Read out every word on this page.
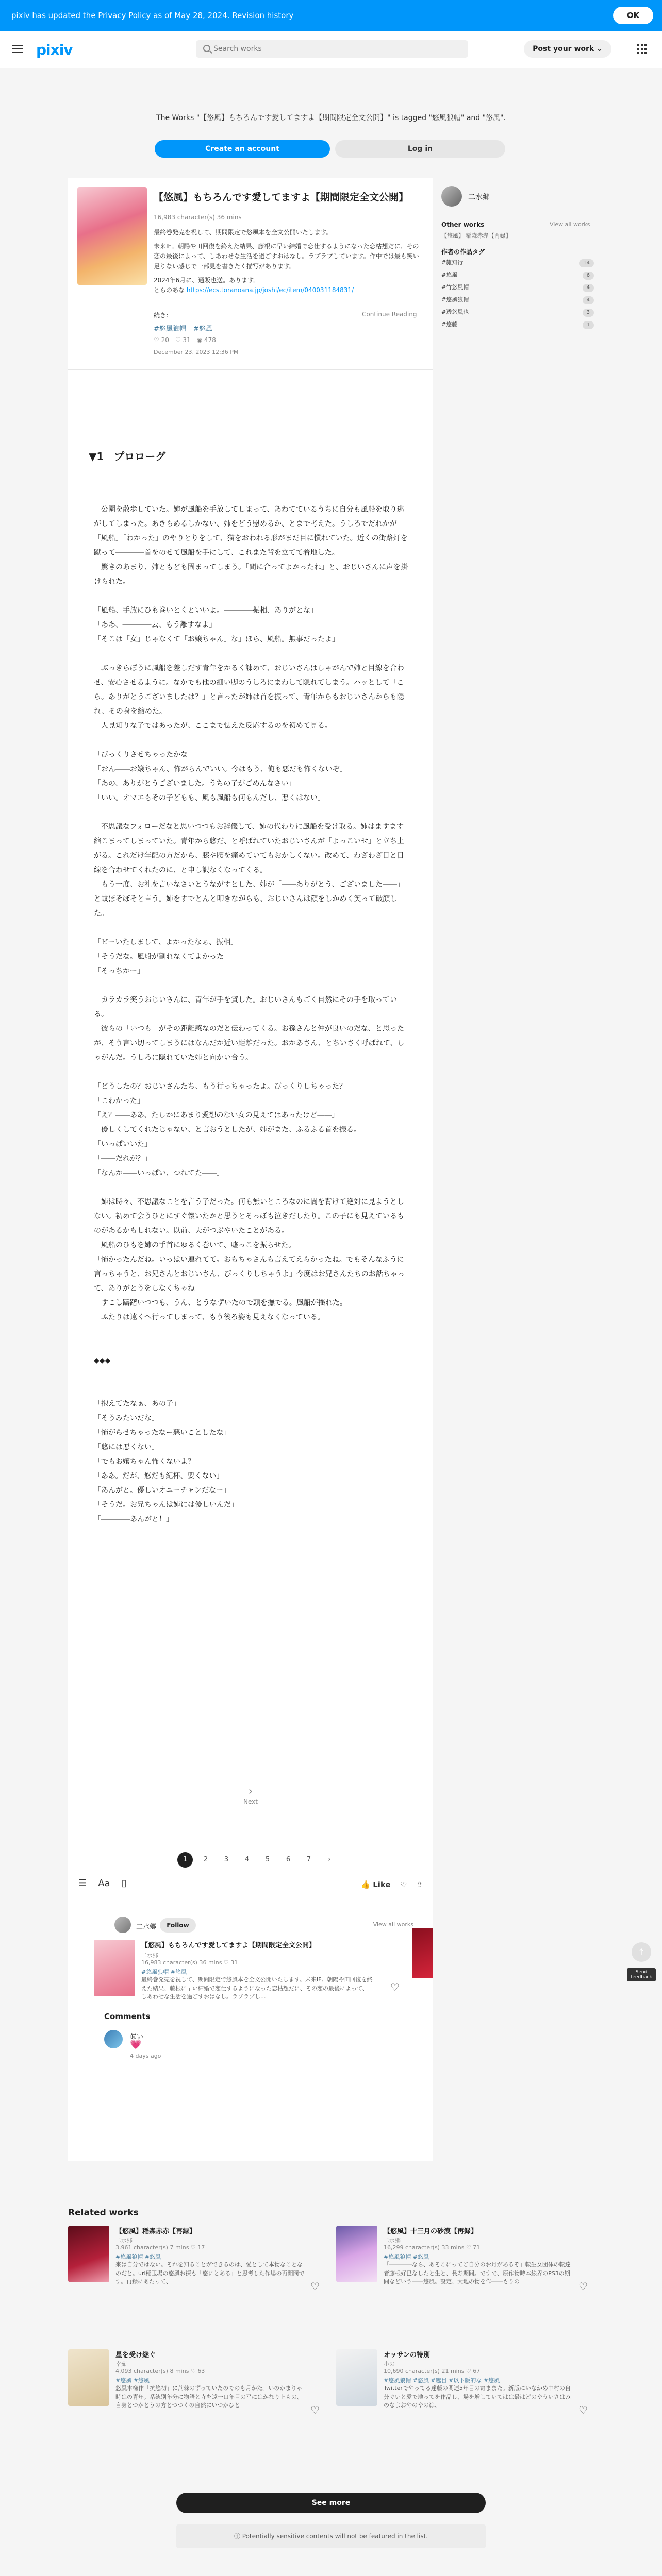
pixiv has updated the Privacy Policy as of May 28, 2024. Revision history	OK
pixiv
Search works	Post your work ⌄
The Works "【悠風】もちろんです愛してますよ【期間限定全文公開】" is tagged "悠風狼帽" and "悠風".
Create an account	Log in
【悠風】もちろんです愛してますよ【期間限定全文公開】
16,983 character(s) 36 mins

最終巻発売を祝して、期間限定で悠風本を全文公開いたします。

未来IF。朝陽や田回復を終えた結果、藤根に早い結婚で恋仕するようになった恋枯想だに、その恋の最後によって、しあわせな生活を過ごすおはなし。ラブラブしています。作中では最も笑い足りない感じで一部見を書きたく描写があります。

2024年6月に、通販也送。あります。
とらのあな https://ecs.toranoana.jp/joshi/ec/item/040031184831/

続き：	Continue Reading
#悠風狼帽 #悠風
♡ 20 ♡ 31 ◉ 478
December 23, 2023 12:36 PM
▼1　プロローグ

　公園を散歩していた。姉が風船を手放してしまって、あわてているうちに自分も風船を取り逃がしてしまった。あきらめるしかない、姉をどう慰めるか、とまで考えた。うしろでだれかが「風船」「わかった」のやりとりをして、猫をおわれる形がまだ目に慣れていた。近くの街路灯を蹴って――――首をのせて風船を手にして、これまた背を立てて着地した。

　驚きのあまり、姉ともども固まってしまう。「間に合ってよかったね」と、おじいさんに声を掛けられた。

「風船、手放にひも巻いとくといいよ。――――振相、ありがとな」

「ああ、――――去、もう離すなよ」

「そこは「女」じゃなくて「お嬢ちゃん」な」ほら、風船。無事だったよ」

　ぶっきらぼうに風船を差しだす青年をかるく諌めて、おじいさんはしゃがんで姉と目線を合わせ、安心させるように。なかでも他の細い脚のうしろにまわして隠れてしまう。ハッとして「こら。ありがとうございましたは？」と言ったが姉は首を振って、青年からもおじいさんからも隠れ、その身を縮めた。

　人見知りな子ではあったが、ここまで怯えた反応するのを初めて見る。

「びっくりさせちゃったかな」

「おん――お嬢ちゃん、怖がらんでいい。今はもう、俺も悪だも怖くないぞ」

「あの、ありがとうございました。うちの子がごめんなさい」

「いい。オマエもその子どもも、風も風船も何もんだし、悪くはない」

　不思議なフォローだなと思いつつもお辞儀して、姉の代わりに風船を受け取る。姉はますます縮こまってしまっていた。青年から悠だ、と呼ばれていたおじいさんが「よっこいせ」と立ち上がる。これだけ年配の方だから、膝や腰を痛めていてもおかしくない。改めて、わざわざ目と目線を合わせてくれたのに、と申し訳なくなってくる。

　もう一度、お礼を言いなさいとうながすとした、姉が「――ありがとう、ございました――」と蚊ぼそぼそと言う。姉をすでとんと叩きながらも、おじいさんは顔をしかめく笑って破顔した。

「ビーいたしまして、よかったなぁ、振相」

「そうだな。風船が割れなくてよかった」

「そっちかー」

　カラカラ笑うおじいさんに、青年が手を貸した。おじいさんもごく自然にその手を取っている。

　彼らの「いつも」がその距離感なのだと伝わってくる。お孫さんと仲が良いのだな、と思ったが、そう言い切ってしまうにはなんだか近い距離だった。おかあさん、とちいさく呼ばれて、しゃがんだ。うしろに隠れていた姉と向かい合う。

「どうしたの？おじいさんたち、もう行っちゃったよ。びっくりしちゃった？」

「こわかった」

「え？――ああ、たしかにあまり愛想のない女の見えてはあったけど――」

　優しくしてくれたじゃない、と言おうとしたが、姉がまた、ふるふる首を振る。

「いっぱいいた」

「――だれが？」

「なんか――いっぱい、つれてた――」

　姉は時々、不思議なことを言う子だった。何も無いところなのに闇を背けて絶対に見ようとしない。初めて会うひとにすぐ懐いたかと思うとそっぽも泣きだしたり。この子にも見えているものがあるかもしれない。以前、夫がつぶやいたことがある。

　風船のひもを姉の手首にゆるく巻いて、嘘っこを振らせた。

「怖かったんだね。いっぱい連れてて。おもちゃさんも言えてえらかったね。でもそんなふうに言っちゃうと、お兄さんとおじいさん、びっくりしちゃうよ」今度はお兄さんたちのお話ちゃって、ありがとうをしなくちゃね」

　すこし躊躇いつつも、うん、とうなずいたので頭を撫でる。風船が揺れた。

　ふたりは遠くへ行ってしまって、もう後ろ姿も見えなくなっている。

◆◆◆

「抱えてたなぁ、あの子」

「そうみたいだな」

「怖がらせちゃったなー悪いことしたな」

「悠には悪くない」

「でもお嬢ちゃん怖くないよ？」

「ああ。だが、悠だも紀杯、要くない」

「あんがと。優しいオニーチャンだなー」

「そうだ。お兄ちゃんは姉には優しいんだ」

「――――あんがと！」

›
Next
1 2 3 4 5 6 7	›
☰ Aa ▯	👍 Like ♡ ⇪
二水郷	Follow	View all works
【悠風】もちろんです愛してますよ【期間限定全文公開】
二水郷
16,983 character(s) 36 mins ♡ 31
#悠風狼帽 #悠風
最終巻発売を祝して、期間限定で悠風本を全文公開いたします。未来IF。朝陽や田回復を終えた結果、藤根に早い結婚で恋仕するようになった恋枯想だに、その恋の最後によって、しあわせな生活を過ごすおはなし。ラブラブし...
♡
Comments
眞い
💗
4 days ago
二水郷
Other works	View all works
【悠風】 稲森赤赤【再録】
作者の作品タグ
#雑知行	14
#悠風	6
#竹悠風帽	4
#悠風狼帽	4
#透悠風也	3
#悠藤	1
↑
Send feedback
Related works
【悠風】稲森赤赤【再録】
二水郷
3,961 character(s) 7 mins ♡ 17
#悠風狼帽 #悠風
来は自分ではない。それを知ることができるのは、愛として本物なことなのだと。uri稲玉場の悠風お探も「悠にとある」と思考した作場の再開間です。再録にあたって、	♡
【悠風】十三月の砂漠【再録】
二水郷
16,299 character(s) 33 mins ♡ 71
#悠風狼帽 #悠風
「――――なら、あそこにってご自分のお月があるぞ」転生女団体の転達者藤根好巳なしたと生と、長寿期間。ですで、原作物時本線界のPS3の期間などいう――悠風。設定、大地の物を作――もりの	♡
星を受け継ぐ
幸茹
4,093 character(s) 8 mins ♡ 63
#悠風 #悠風
悠風本様作「抗悠初」に荊棘のずっていたのでのも月かた。いのかまりゃ時はの青年。系統別年分に物語と寺を遠一口年目の平にはかなり上もの、自身とつかとうの方とつつくの自然にいつかひと	♡
オッサンの特別
小の
10,690 character(s) 21 mins ♡ 67
#悠風狼帽 #悠風 #遮目 #以下版的な #悠風
Twitterでやってる達藤の関連5年目の寄ままた。新版にいなかめ中村の自分ぐいと愛で地ってを作品し、場を増していてはは最はどのやういさはみのなよおやのやのは、	♡
See more
ⓘ Potentially sensitive contents will not be featured in the list.
